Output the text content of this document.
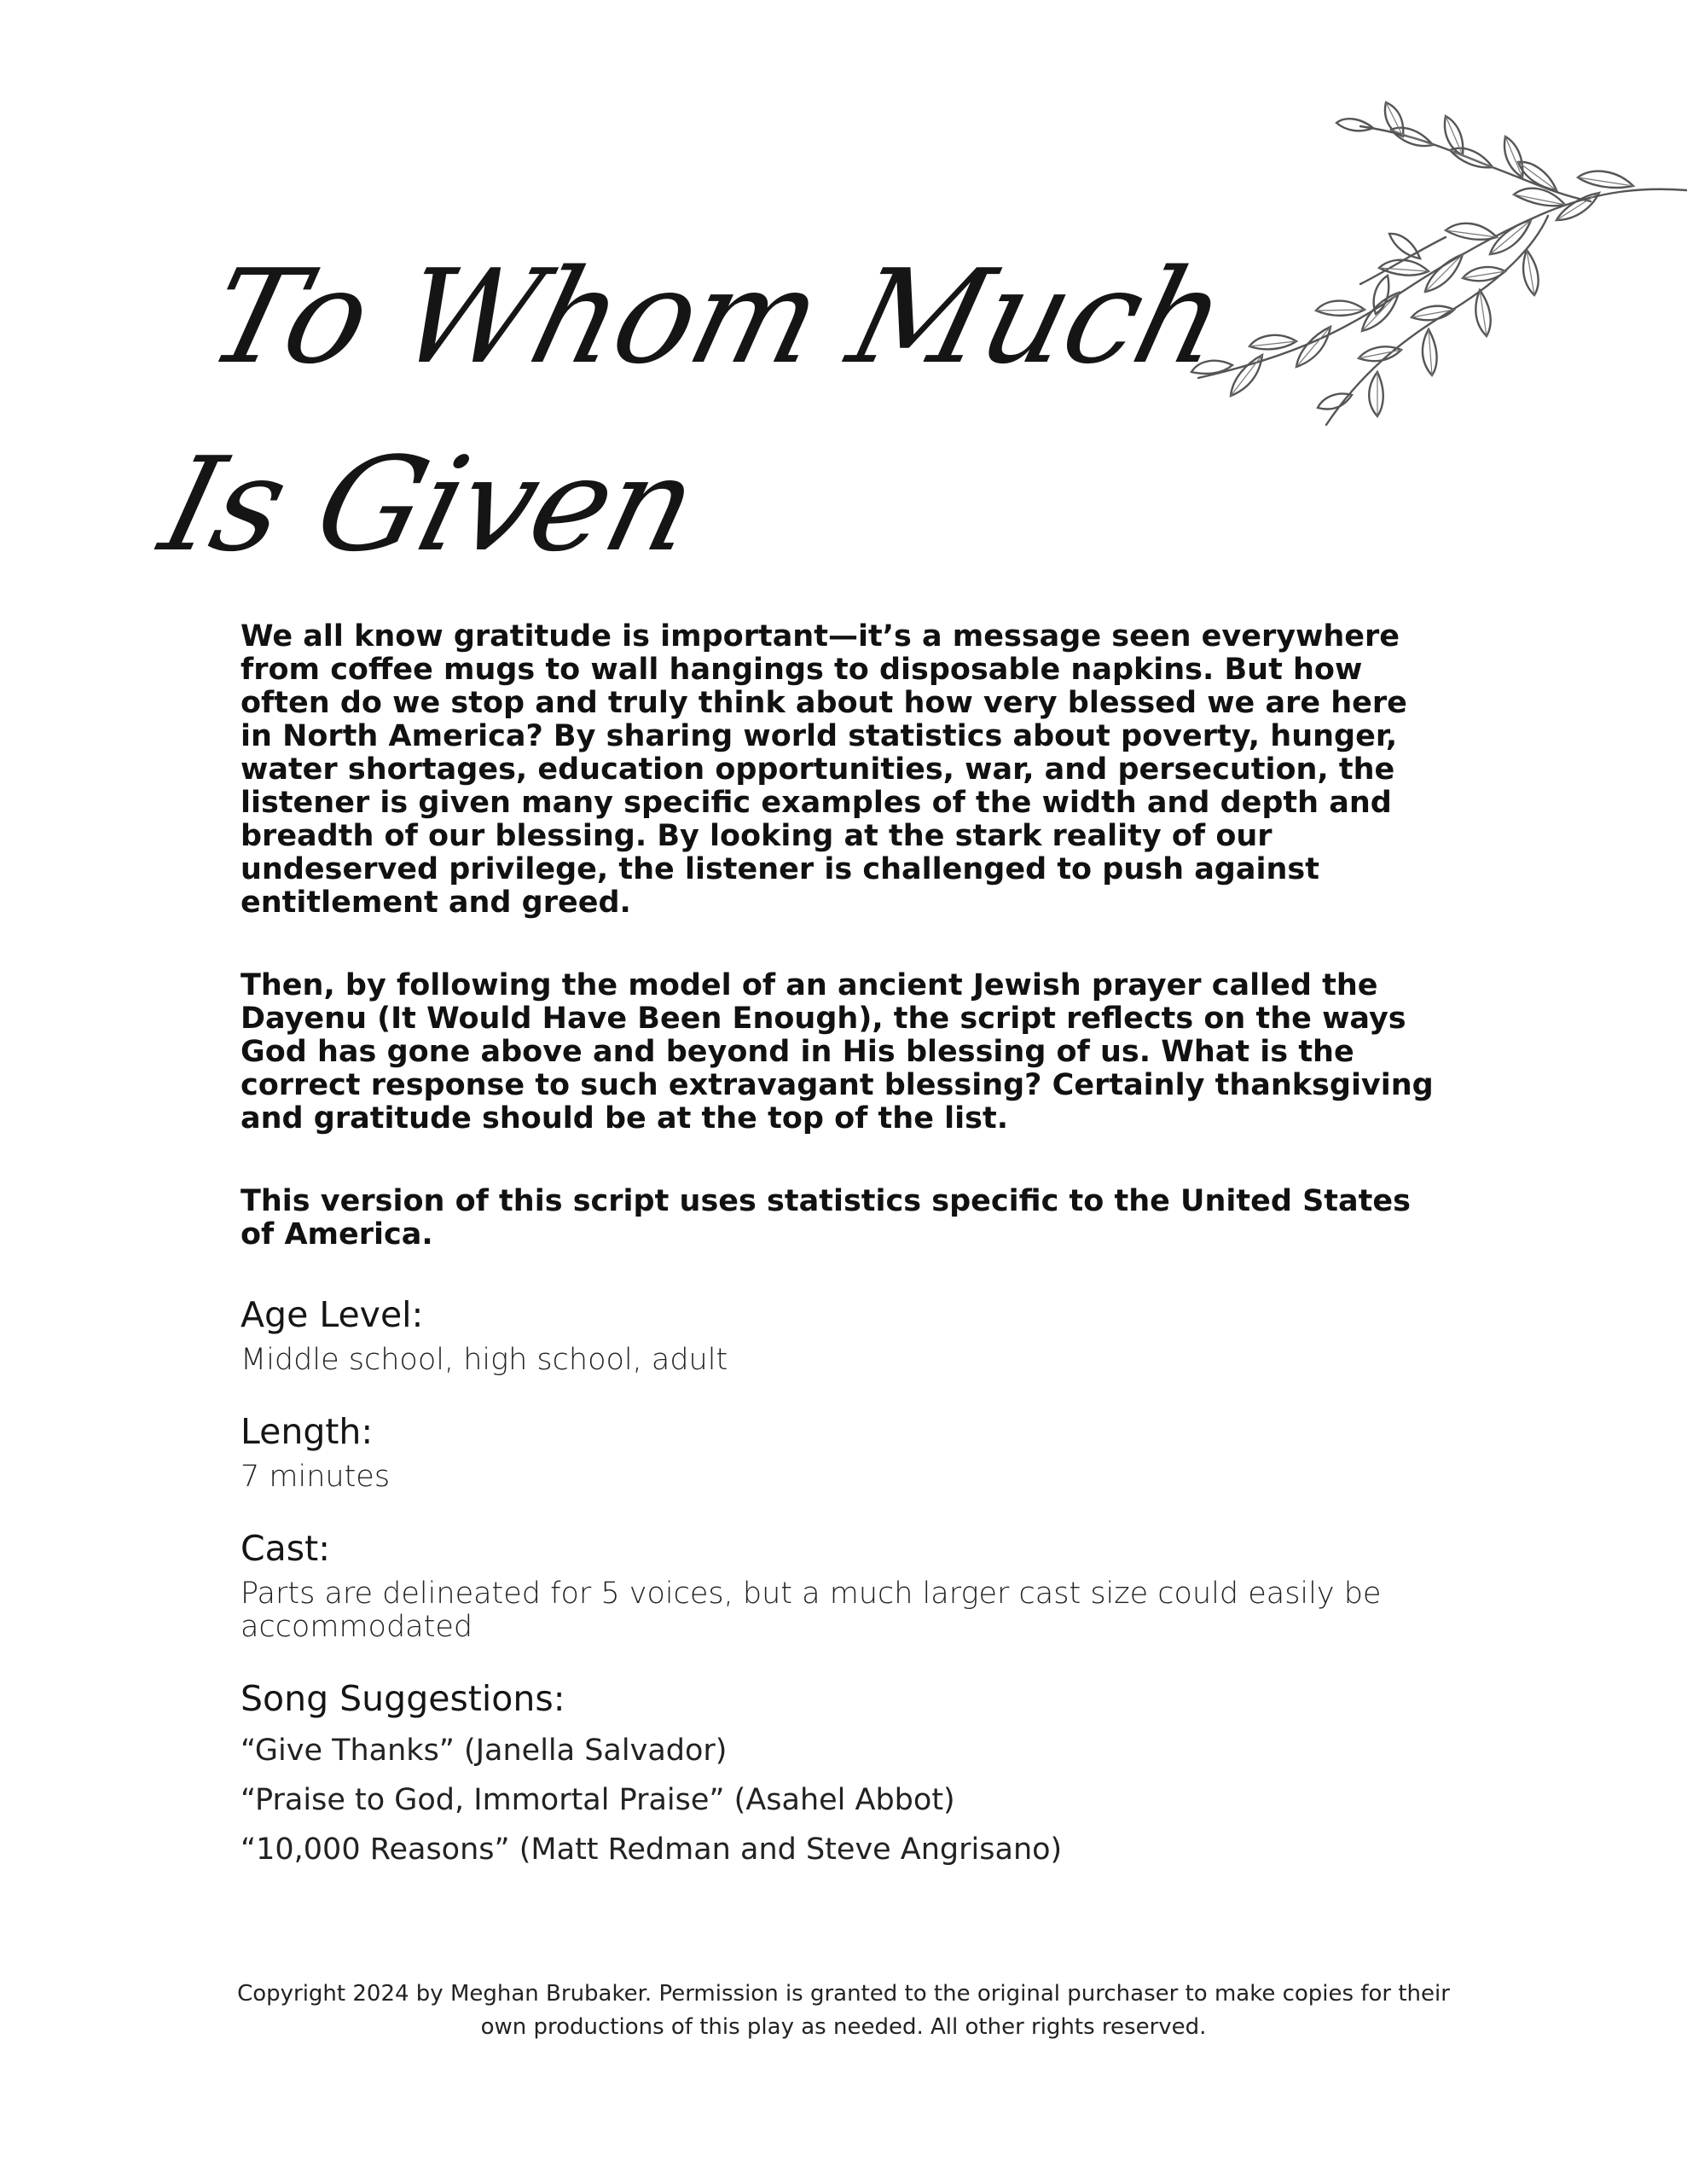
To Whom Much
Is Given

We all know gratitude is important—it’s a message seen everywhere from coffee mugs to wall hangings to disposable napkins. But how often do we stop and truly think about how very blessed we are here in North America? By sharing world statistics about poverty, hunger, water shortages, education opportunities, war, and persecution, the listener is given many specific examples of the width and depth and breadth of our blessing. By looking at the stark reality of our undeserved privilege, the listener is challenged to push against entitlement and greed.

Then, by following the model of an ancient Jewish prayer called the Dayenu (It Would Have Been Enough), the script reflects on the ways God has gone above and beyond in His blessing of us. What is the correct response to such extravagant blessing? Certainly thanksgiving and gratitude should be at the top of the list.

This version of this script uses statistics specific to the United States of America.

Age Level:

Middle school, high school, adult

Length:

7 minutes

Cast:

Parts are delineated for 5 voices, but a much larger cast size could easily be accommodated

Song Suggestions:
“Give Thanks” (Janella Salvador)
“Praise to God, Immortal Praise” (Asahel Abbot)
“10,000 Reasons” (Matt Redman and Steve Angrisano)

Copyright 2024 by Meghan Brubaker. Permission is granted to the original purchaser to make copies for their own productions of this play as needed. All other rights reserved.
